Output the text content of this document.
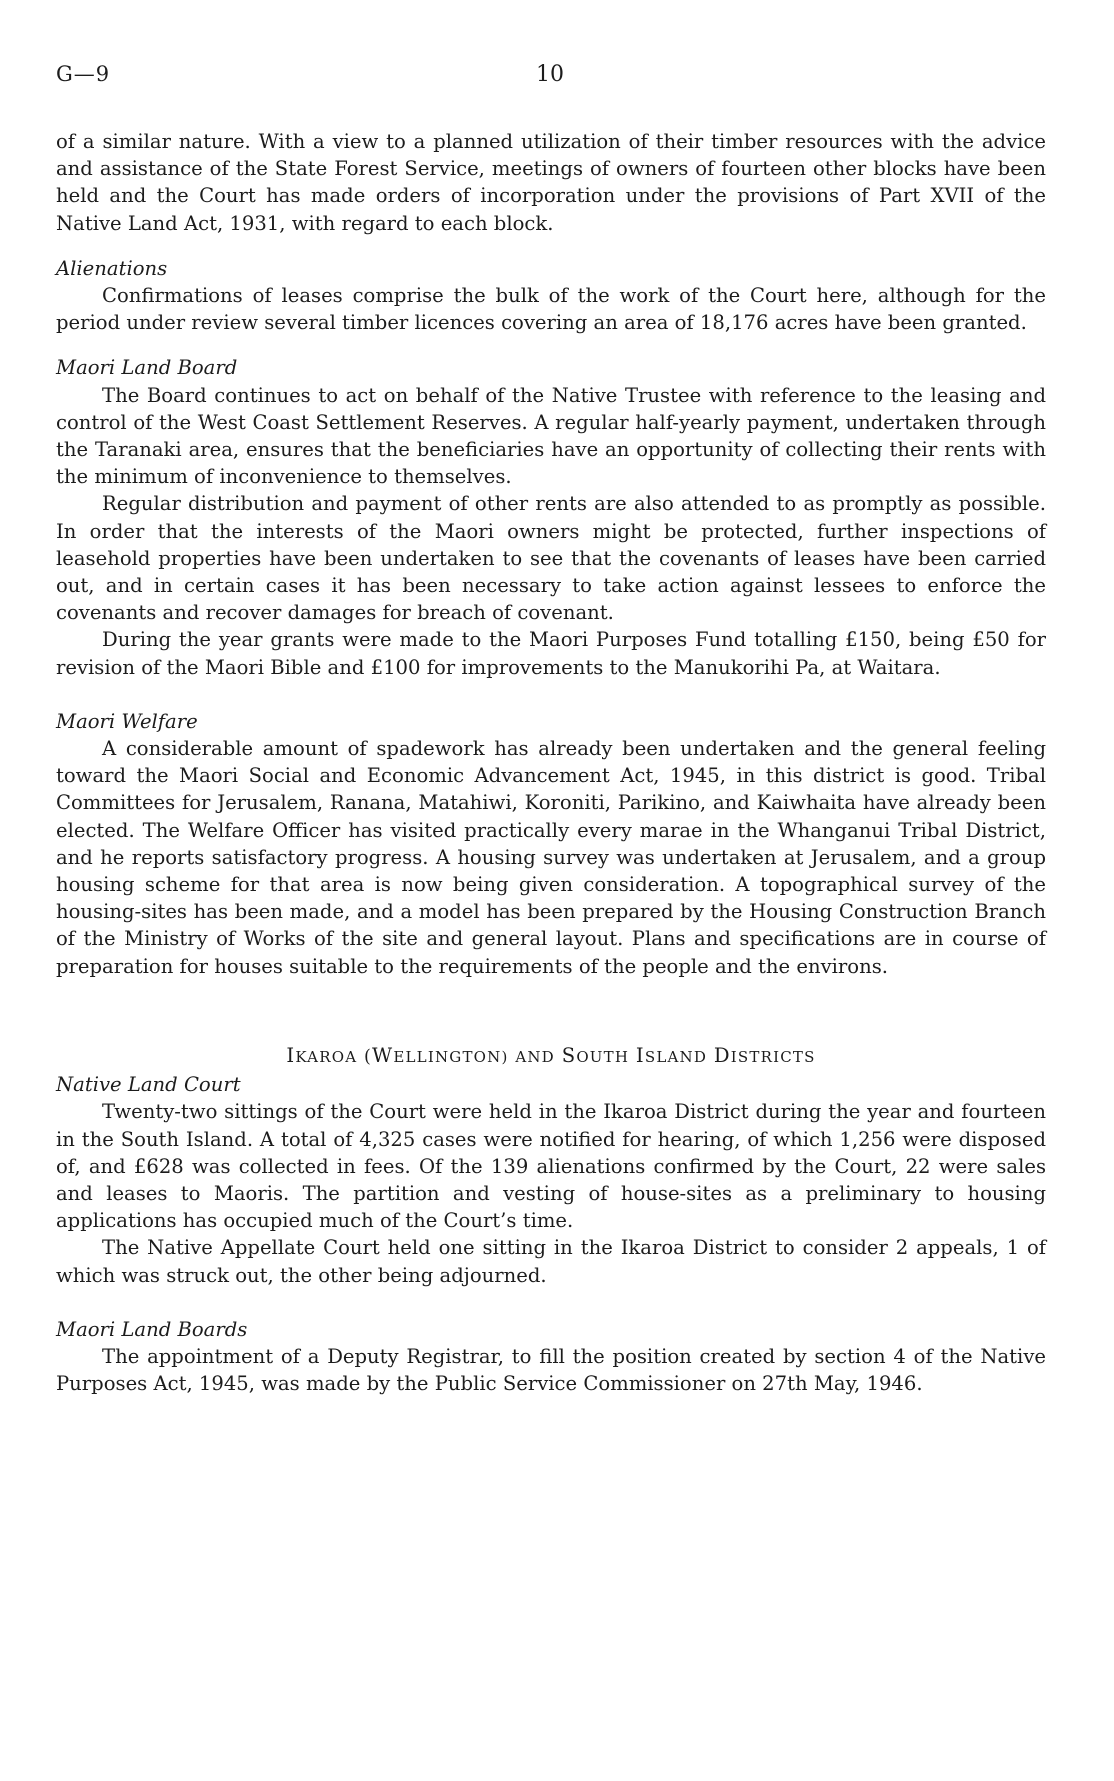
G—9	10

of a similar nature. With a view to a planned utilization of their timber resources with the advice and assistance of the State Forest Service, meetings of owners of fourteen other blocks have been held and the Court has made orders of incorporation under the provisions of Part XVII of the Native Land Act, 1931, with regard to each block.

Alienations

Confirmations of leases comprise the bulk of the work of the Court here, although for the period under review several timber licences covering an area of 18,176 acres have been granted.

Maori Land Board

The Board continues to act on behalf of the Native Trustee with reference to the leasing and control of the West Coast Settlement Reserves. A regular half-yearly payment, undertaken through the Taranaki area, ensures that the beneficiaries have an opportunity of collecting their rents with the minimum of inconvenience to themselves.

Regular distribution and payment of other rents are also attended to as promptly as possible. In order that the interests of the Maori owners might be protected, further inspections of leasehold properties have been undertaken to see that the covenants of leases have been carried out, and in certain cases it has been necessary to take action against lessees to enforce the covenants and recover damages for breach of covenant.

During the year grants were made to the Maori Purposes Fund totalling £150, being £50 for revision of the Maori Bible and £100 for improvements to the Manukorihi Pa, at Waitara.

Maori Welfare

A considerable amount of spadework has already been undertaken and the general feeling toward the Maori Social and Economic Advancement Act, 1945, in this district is good. Tribal Committees for Jerusalem, Ranana, Matahiwi, Koroniti, Parikino, and Kaiwhaita have already been elected. The Welfare Officer has visited practically every marae in the Whanganui Tribal District, and he reports satisfactory progress. A housing survey was undertaken at Jerusalem, and a group housing scheme for that area is now being given consideration. A topographical survey of the housing-sites has been made, and a model has been prepared by the Housing Construction Branch of the Ministry of Works of the site and general layout. Plans and specifications are in course of preparation for houses suitable to the requirements of the people and the environs.

IKAROA (WELLINGTON) AND SOUTH ISLAND DISTRICTS
Native Land Court

Twenty-two sittings of the Court were held in the Ikaroa District during the year and fourteen in the South Island. A total of 4,325 cases were notified for hearing, of which 1,256 were disposed of, and £628 was collected in fees. Of the 139 alienations confirmed by the Court, 22 were sales and leases to Maoris. The partition and vesting of house-sites as a preliminary to housing applications has occupied much of the Court’s time.

The Native Appellate Court held one sitting in the Ikaroa District to consider 2 appeals, 1 of which was struck out, the other being adjourned.

Maori Land Boards

The appointment of a Deputy Registrar, to fill the position created by section 4 of the Native Purposes Act, 1945, was made by the Public Service Commissioner on 27th May, 1946.
